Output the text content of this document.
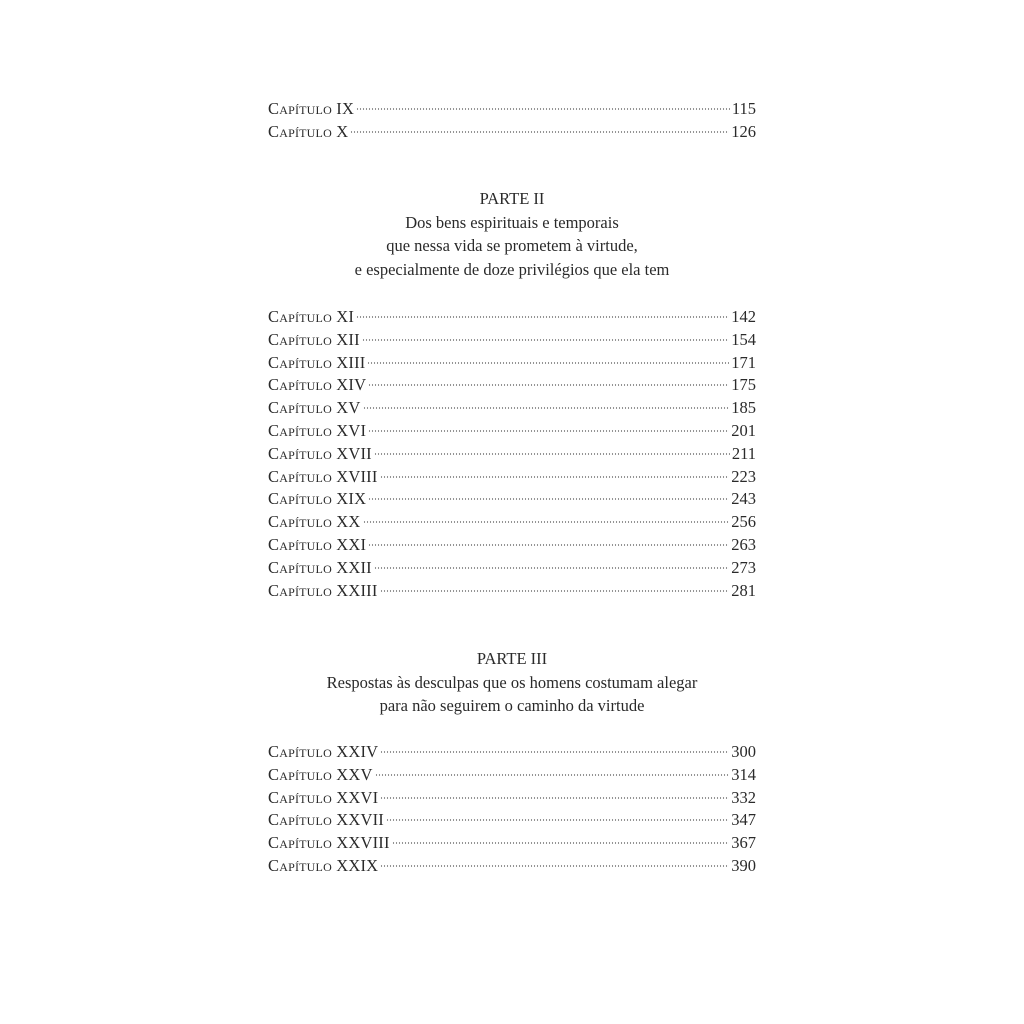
Capítulo IX	115
Capítulo X	126
PARTE II
Dos bens espirituais e temporais
que nessa vida se prometem à virtude,
e especialmente de doze privilégios que ela tem
Capítulo XI	142
Capítulo XII	154
Capítulo XIII	171
Capítulo XIV	175
Capítulo XV	185
Capítulo XVI	201
Capítulo XVII	211
Capítulo XVIII	223
Capítulo XIX	243
Capítulo XX	256
Capítulo XXI	263
Capítulo XXII	273
Capítulo XXIII	281
PARTE III
Respostas às desculpas que os homens costumam alegar
para não seguirem o caminho da virtude
Capítulo XXIV	300
Capítulo XXV	314
Capítulo XXVI	332
Capítulo XXVII	347
Capítulo XXVIII	367
Capítulo XXIX	390
